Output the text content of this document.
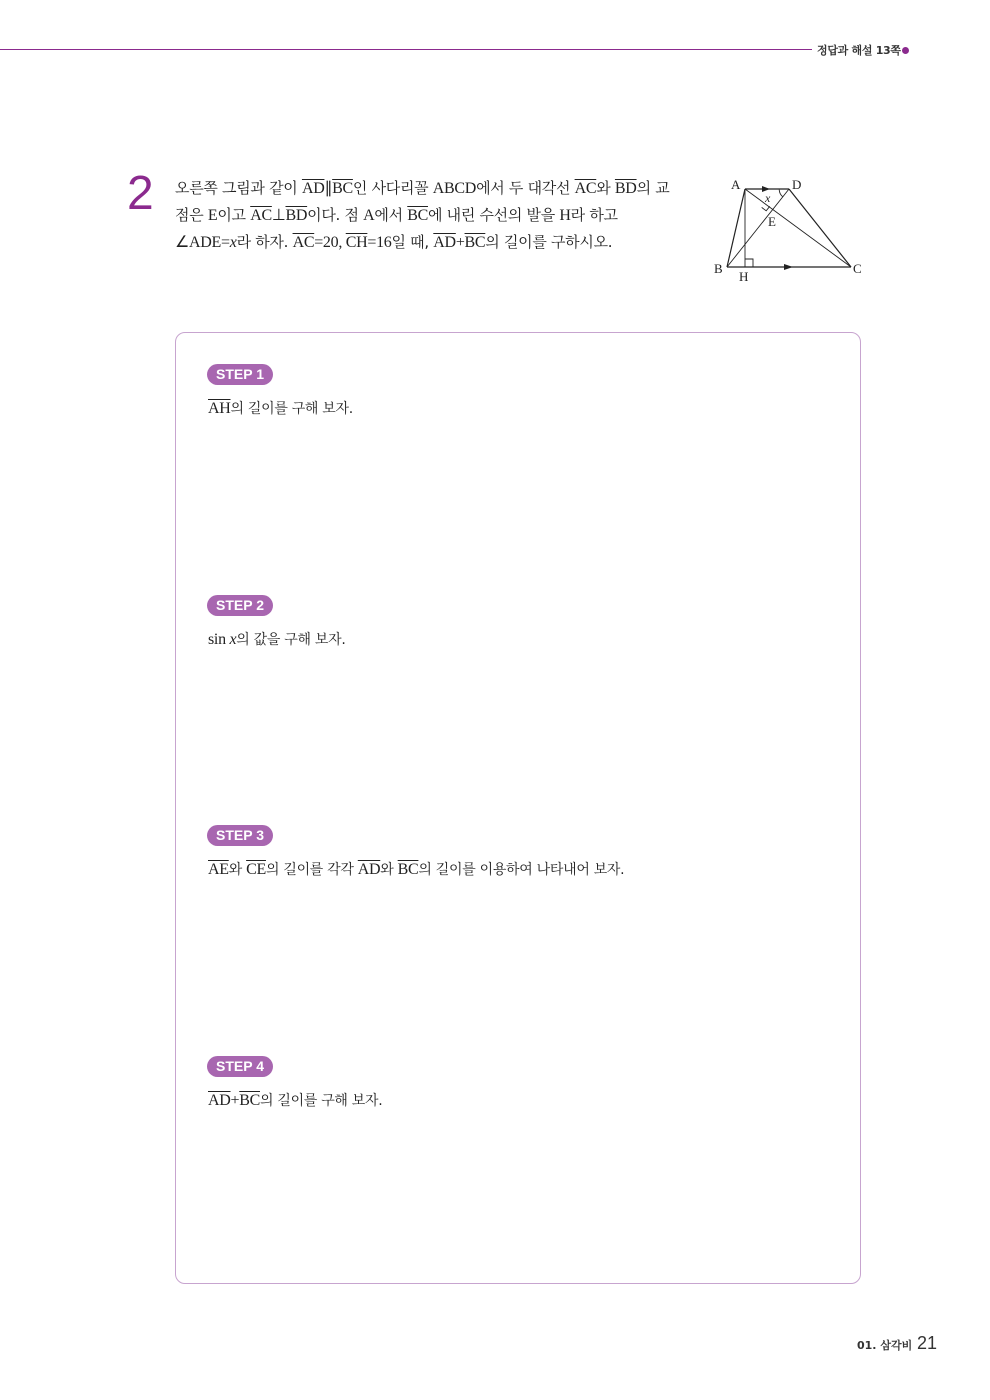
정답과 해설 13쪽
2 오른쪽 그림과 같이 $\overline{AD}\parallel\overline{BC}$인 사다리꼴 ABCD에서 두 대각선 $\overline{AC}$와 $\overline{BD}$의 교
점은 E이고 $\overline{AC}\perp\overline{BD}$이다. 점 A에서 $\overline{BC}$에 내린 수선의 발을 H라 하고
∠ADE=x라 하자. $\overline{AC}=20$, $\overline{CH}=16$일 때, $\overline{AD}+\overline{BC}$의 길이를 구하시오.
A	D
B	C
E
H
x
STEP 1
$\overline{AH}$의 길이를 구해 보자.
STEP 2
sin x의 값을 구해 보자.
STEP 3
$\overline{AE}$와 $\overline{CE}$의 길이를 각각 $\overline{AD}$와 $\overline{BC}$의 길이를 이용하여 나타내어 보자.
STEP 4
$\overline{AD}+\overline{BC}$의 길이를 구해 보자.
01. 삼각비 21
